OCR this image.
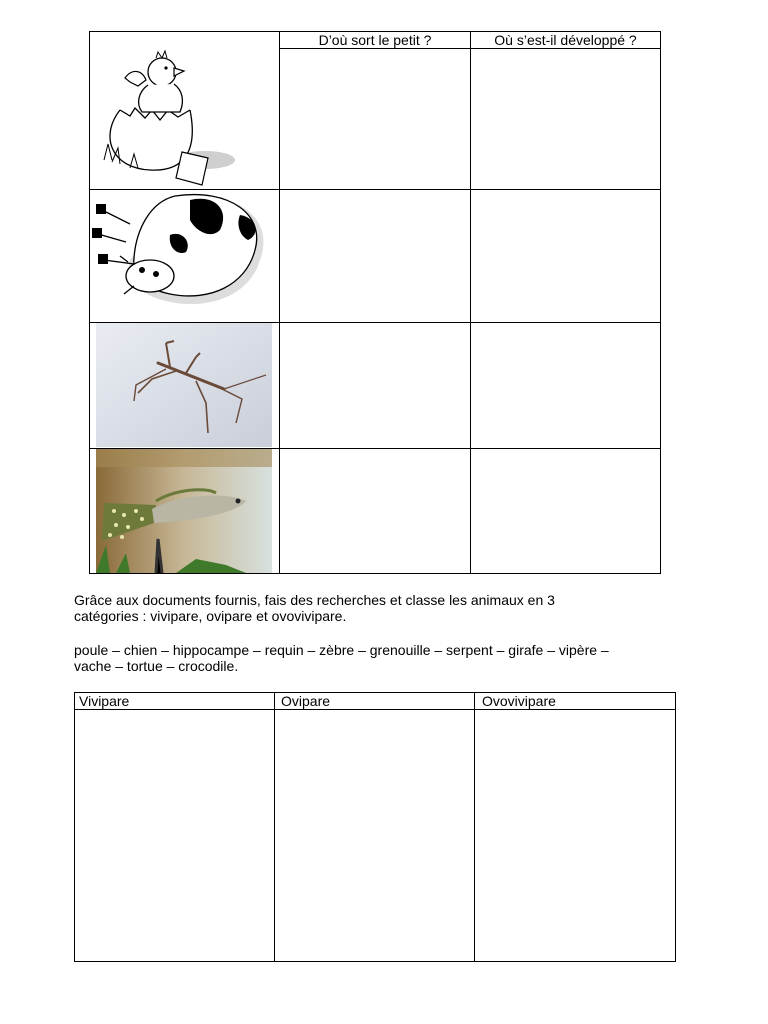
D’où sort le petit ?	Où s’est-il développé ?
Grâce aux documents fournis, fais des recherches et classe les animaux en 3
catégories : vivipare, ovipare et ovovivipare.
poule – chien – hippocampe – requin – zèbre – grenouille – serpent – girafe – vipère –
vache – tortue – crocodile.
Vivipare	Ovipare	Ovovivipare
